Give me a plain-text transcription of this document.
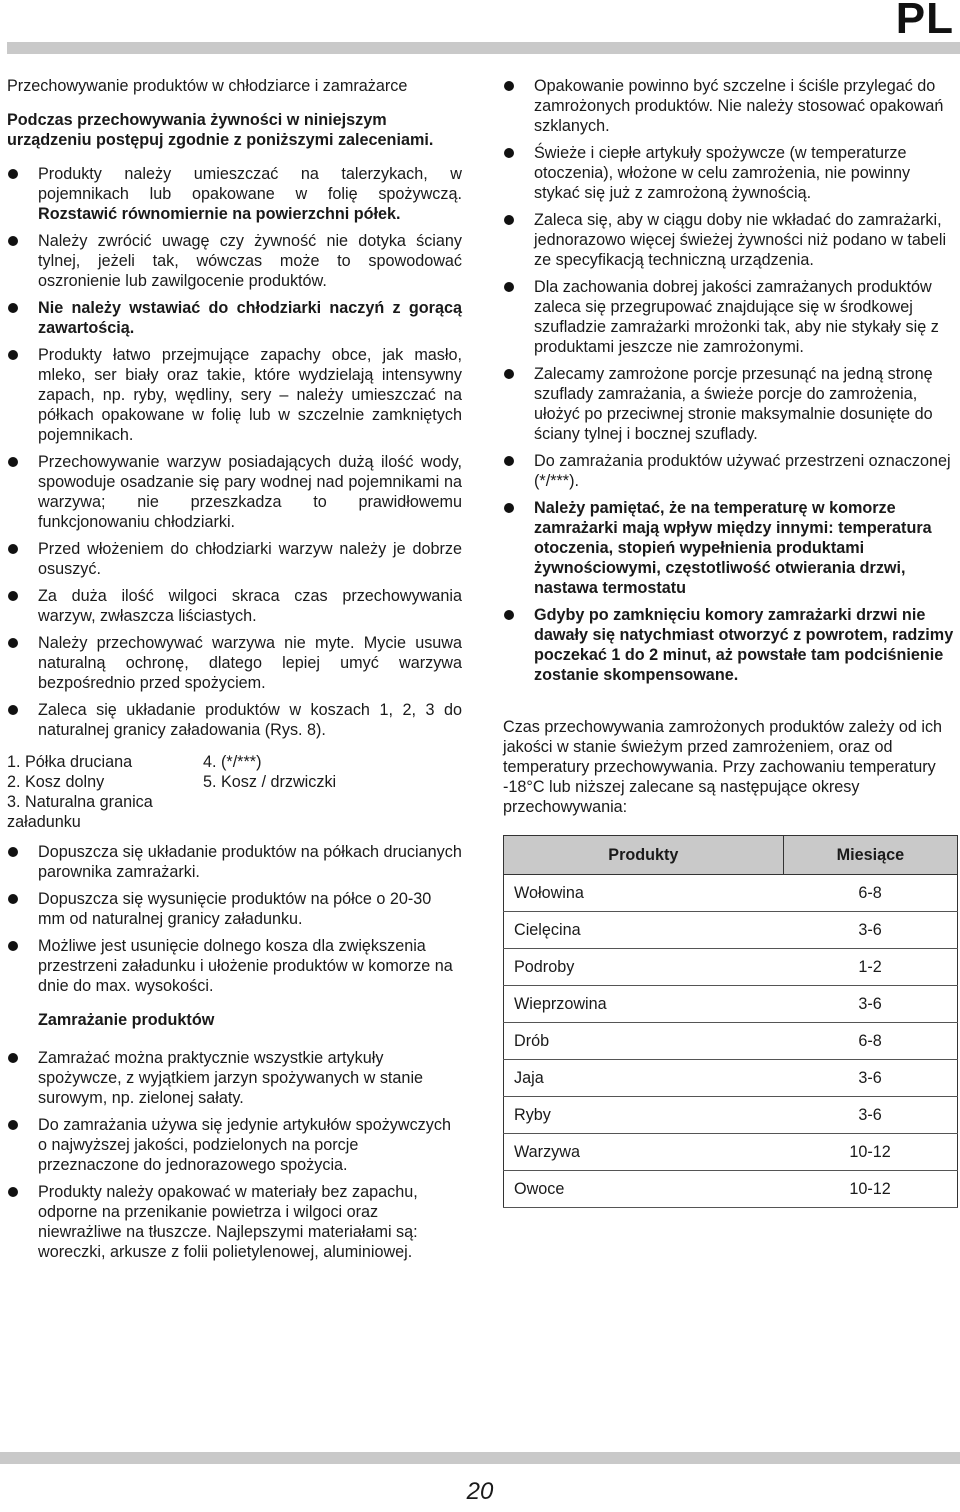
PL

Przechowywanie produktów w chłodziarce i zamrażarce

Podczas przechowywania żywności w niniejszym urządzeniu postępuj zgodnie z poniższymi zaleceniami.

Produkty należy umieszczać na talerzykach, w pojemnikach lub opakowane w folię spożywczą. Rozstawić równomiernie na powierzchni półek.
Należy zwrócić uwagę czy żywność nie dotyka ściany tylnej, jeżeli tak, wówczas może to spowodować oszronienie lub zawilgocenie produktów.
Nie należy wstawiać do chłodziarki naczyń z gorącą zawartością.
Produkty łatwo przejmujące zapachy obce, jak masło, mleko, ser biały oraz takie, które wydzielają intensywny zapach, np. ryby, wędliny, sery – należy umieszczać na półkach opakowane w folię lub w szczelnie zamkniętych pojemnikach.
Przechowywanie warzyw posiadających dużą ilość wody, spowoduje osadzanie się pary wodnej nad pojemnikami na warzywa; nie przeszkadza to prawidłowemu funkcjonowaniu chłodziarki.
Przed włożeniem do chłodziarki warzyw należy je dobrze osuszyć.
Za duża ilość wilgoci skraca czas przechowywania warzyw, zwłaszcza liściastych.
Należy przechowywać warzywa nie myte. Mycie usuwa naturalną ochronę, dlatego lepiej umyć warzywa bezpośrednio przed spożyciem.
Zaleca się układanie produktów w koszach 1, 2, 3 do naturalnej granicy załadowania (Rys. 8).
1. Półka druciana	4. (*/***)
2. Kosz dolny	5. Kosz / drzwiczki
3. Naturalna granica załadunku
Dopuszcza się układanie produktów na półkach drucianych parownika zamrażarki.
Dopuszcza się wysunięcie produktów na półce o 20-30 mm od naturalnej granicy załadunku.
Możliwe jest usunięcie dolnego kosza dla zwiększenia przestrzeni załadunku i ułożenie produktów w komorze na dnie do max. wysokości.

Zamrażanie produktów

Zamrażać można praktycznie wszystkie artykuły spożywcze, z wyjątkiem jarzyn spożywanych w stanie surowym, np. zielonej sałaty.
Do zamrażania używa się jedynie artykułów spożywczych o najwyższej jakości, podzielonych na porcje przeznaczone do jednorazowego spożycia.
Produkty należy opakować w materiały bez zapachu, odporne na przenikanie powietrza i wilgoci oraz niewrażliwe na tłuszcze. Najlepszymi materiałami są: woreczki, arkusze z folii polietylenowej, aluminiowej.
Opakowanie powinno być szczelne i ściśle przylegać do zamrożonych produktów. Nie należy stosować opakowań szklanych.
Świeże i ciepłe artykuły spożywcze (w temperaturze otoczenia), włożone w celu zamrożenia, nie powinny stykać się już z zamrożoną żywnością.
Zaleca się, aby w ciągu doby nie wkładać do zamrażarki, jednorazowo więcej świeżej żywności niż podano w tabeli ze specyfikacją techniczną urządzenia.
Dla zachowania dobrej jakości zamrażanych produktów zaleca się przegrupować znajdujące się w środkowej szufladzie zamrażarki mrożonki tak, aby nie stykały się z produktami jeszcze nie zamrożonymi.
Zalecamy zamrożone porcje przesunąć na jedną stronę szuflady zamrażania, a świeże porcje do zamrożenia, ułożyć po przeciwnej stronie maksymalnie dosunięte do ściany tylnej i bocznej szuflady.
Do zamrażania produktów używać przestrzeni oznaczonej (*/***).
Należy pamiętać, że na temperaturę w komorze zamrażarki mają wpływ między innymi: temperatura otoczenia, stopień wypełnienia produktami żywnościowymi, częstotliwość otwierania drzwi, nastawa termostatu
Gdyby po zamknięciu komory zamrażarki drzwi nie dawały się natychmiast otworzyć z powrotem, radzimy poczekać 1 do 2 minut, aż powstałe tam podciśnienie zostanie skompensowane.

Czas przechowywania zamrożonych produktów zależy od ich jakości w stanie świeżym przed zamrożeniem, oraz od temperatury przechowywania. Przy zachowaniu temperatury -18°C lub niższej zalecane są następujące okresy przechowywania:

Produkty	Miesiące
Wołowina	6-8
Cielęcina	3-6
Podroby	1-2
Wieprzowina	3-6
Drób	6-8
Jaja	3-6
Ryby	3-6
Warzywa	10-12
Owoce	10-12
20
